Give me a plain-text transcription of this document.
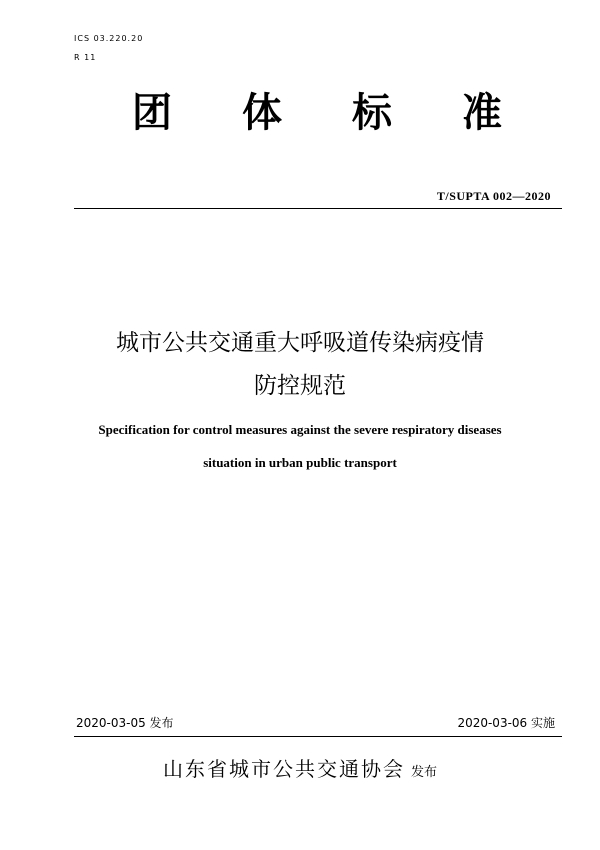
ICS 03.220.20
R 11
团 体 标 准
T/SUPTA 002—2020
城市公共交通重大呼吸道传染病疫情
防控规范
Specification for control measures against the severe respiratory diseases
situation in urban public transport
2020-03-05 发布	2020-03-06 实施
山东省城市公共交通协会 发布
